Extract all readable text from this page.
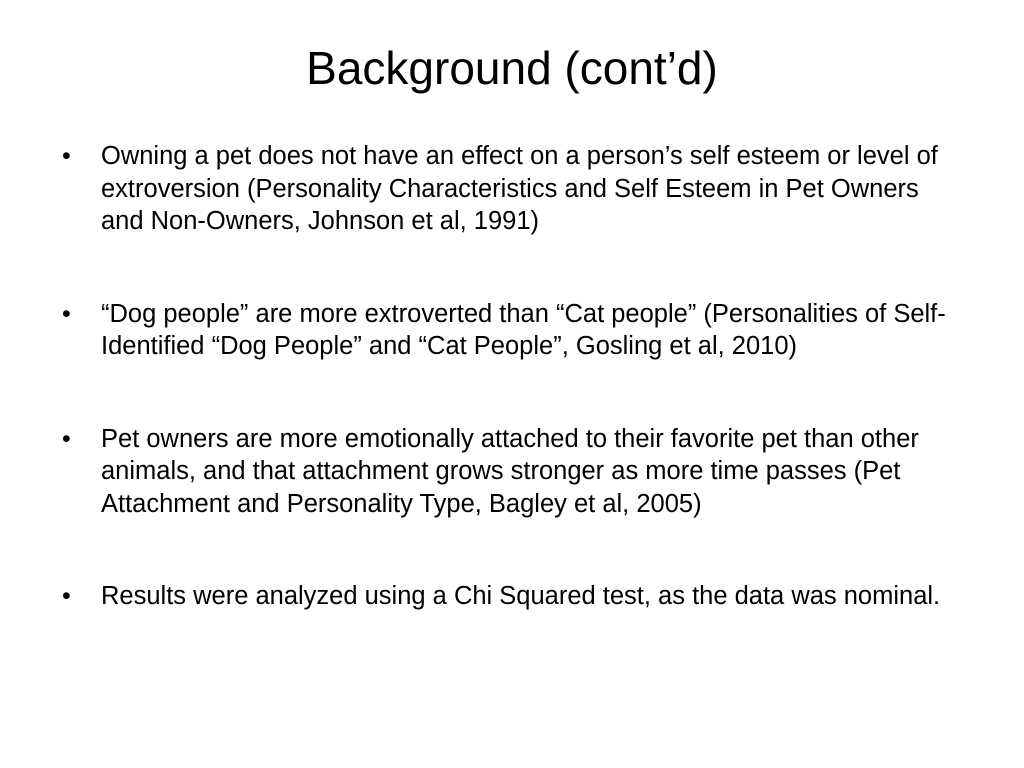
Background (cont’d)
• Owning a pet does not have an effect on a person’s self esteem or level of extroversion (Personality Characteristics and Self Esteem in Pet Owners and Non-Owners, Johnson et al, 1991)
• “Dog people” are more extroverted than “Cat people” (Personalities of Self-Identified “Dog People” and “Cat People”, Gosling et al, 2010)
• Pet owners are more emotionally attached to their favorite pet than other animals, and that attachment grows stronger as more time passes (Pet Attachment and Personality Type, Bagley et al, 2005)
• Results were analyzed using a Chi Squared test, as the data was nominal.
